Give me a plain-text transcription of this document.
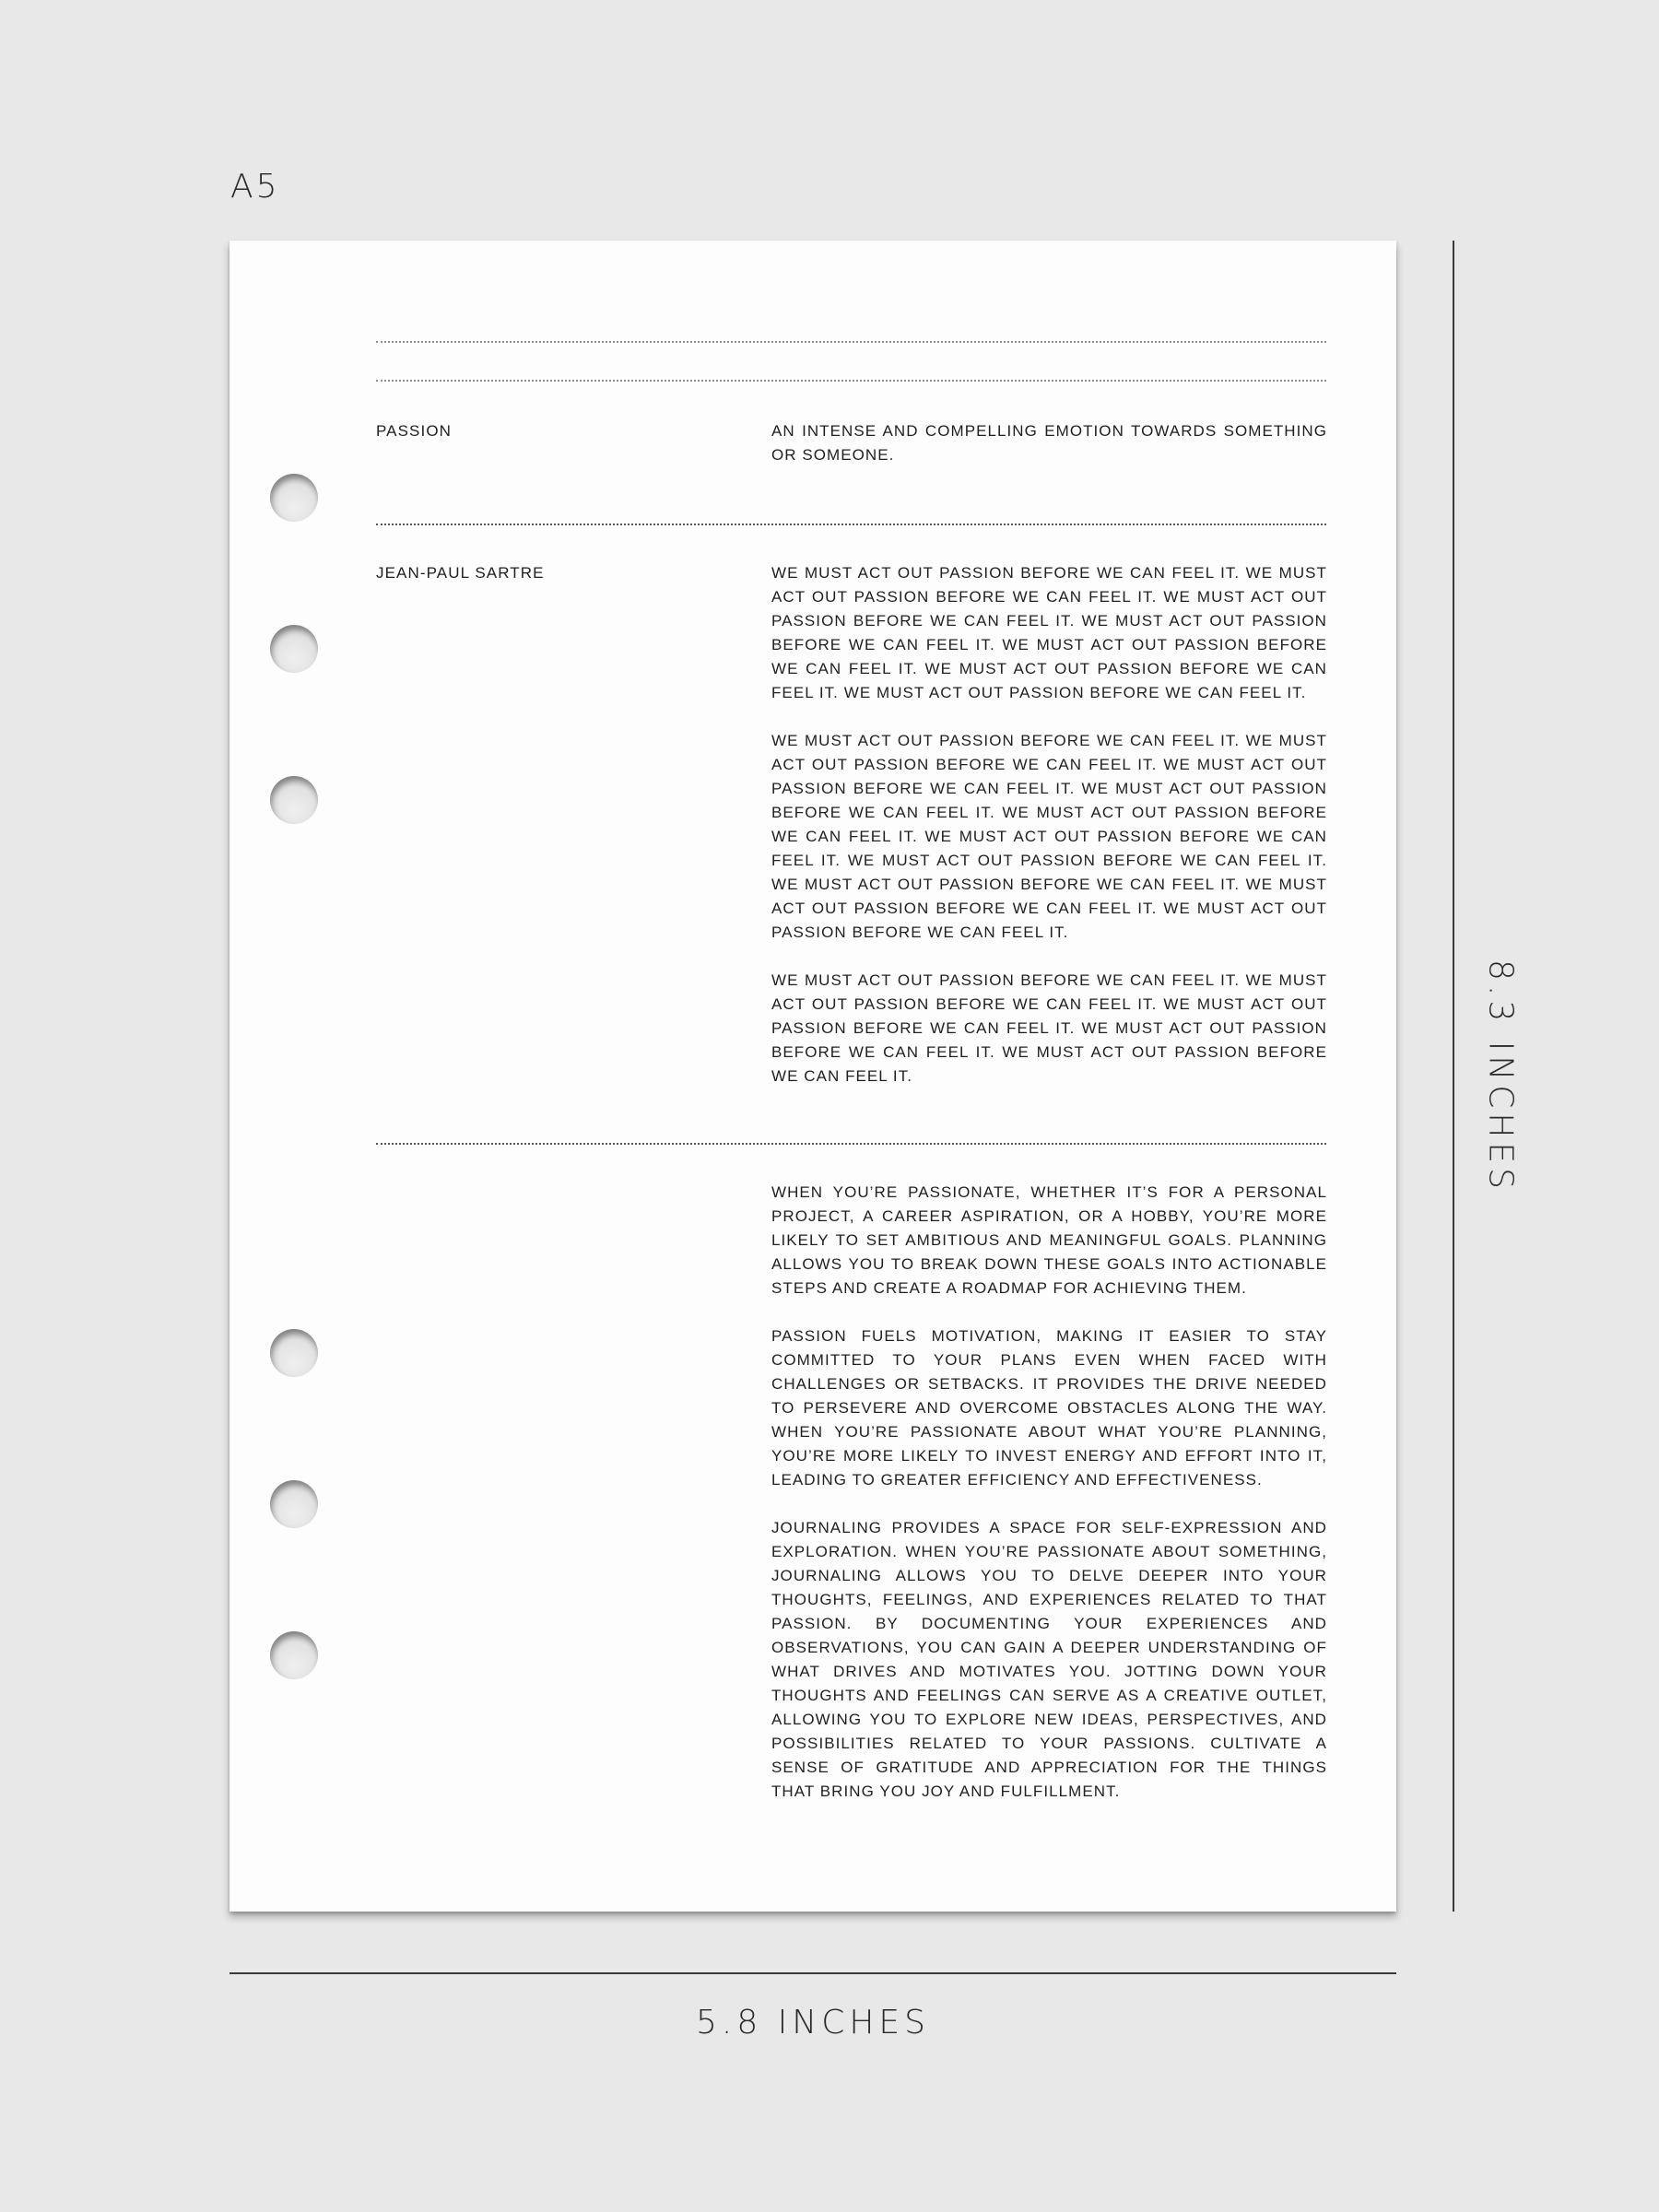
A5
PASSION	AN INTENSE AND COMPELLING EMOTION TOWARDS SOMETHING OR SOMEONE.

JEAN-PAUL SARTRE	WE MUST ACT OUT PASSION BEFORE WE CAN FEEL IT. WE MUST ACT OUT PASSION BEFORE WE CAN FEEL IT. WE MUST ACT OUT PASSION BEFORE WE CAN FEEL IT. WE MUST ACT OUT PASSION BEFORE WE CAN FEEL IT. WE MUST ACT OUT PASSION BEFORE WE CAN FEEL IT. WE MUST ACT OUT PASSION BEFORE WE CAN FEEL IT. WE MUST ACT OUT PASSION BEFORE WE CAN FEEL IT.

WE MUST ACT OUT PASSION BEFORE WE CAN FEEL IT. WE MUST ACT OUT PASSION BEFORE WE CAN FEEL IT. WE MUST ACT OUT PASSION BEFORE WE CAN FEEL IT. WE MUST ACT OUT PASSION BEFORE WE CAN FEEL IT. WE MUST ACT OUT PASSION BEFORE WE CAN FEEL IT. WE MUST ACT OUT PASSION BEFORE WE CAN FEEL IT. WE MUST ACT OUT PASSION BEFORE WE CAN FEEL IT. WE MUST ACT OUT PASSION BEFORE WE CAN FEEL IT. WE MUST ACT OUT PASSION BEFORE WE CAN FEEL IT. WE MUST ACT OUT PASSION BEFORE WE CAN FEEL IT.

WE MUST ACT OUT PASSION BEFORE WE CAN FEEL IT. WE MUST ACT OUT PASSION BEFORE WE CAN FEEL IT. WE MUST ACT OUT PASSION BEFORE WE CAN FEEL IT. WE MUST ACT OUT PASSION BEFORE WE CAN FEEL IT. WE MUST ACT OUT PASSION BEFORE WE CAN FEEL IT.

WHEN YOU’RE PASSIONATE, WHETHER IT’S FOR A PERSONAL PROJECT, A CAREER ASPIRATION, OR A HOBBY, YOU’RE MORE LIKELY TO SET AMBITIOUS AND MEANINGFUL GOALS. PLANNING ALLOWS YOU TO BREAK DOWN THESE GOALS INTO ACTIONABLE STEPS AND CREATE A ROADMAP FOR ACHIEVING THEM.

PASSION FUELS MOTIVATION, MAKING IT EASIER TO STAY COMMITTED TO YOUR PLANS EVEN WHEN FACED WITH CHALLENGES OR SETBACKS. IT PROVIDES THE DRIVE NEEDED TO PERSEVERE AND OVERCOME OBSTACLES ALONG THE WAY. WHEN YOU’RE PASSIONATE ABOUT WHAT YOU’RE PLANNING, YOU’RE MORE LIKELY TO INVEST ENERGY AND EFFORT INTO IT, LEADING TO GREATER EFFICIENCY AND EFFECTIVENESS.

JOURNALING PROVIDES A SPACE FOR SELF-EXPRESSION AND EXPLORATION. WHEN YOU’RE PASSIONATE ABOUT SOMETHING, JOURNALING ALLOWS YOU TO DELVE DEEPER INTO YOUR THOUGHTS, FEELINGS, AND EXPERIENCES RELATED TO THAT PASSION. BY DOCUMENTING YOUR EXPERIENCES AND OBSERVATIONS, YOU CAN GAIN A DEEPER UNDERSTANDING OF WHAT DRIVES AND MOTIVATES YOU. JOTTING DOWN YOUR THOUGHTS AND FEELINGS CAN SERVE AS A CREATIVE OUTLET, ALLOWING YOU TO EXPLORE NEW IDEAS, PERSPECTIVES, AND POSSIBILITIES RELATED TO YOUR PASSIONS. CULTIVATE A SENSE OF GRATITUDE AND APPRECIATION FOR THE THINGS THAT BRING YOU JOY AND FULFILLMENT.

8.3 INCHES
5.8 INCHES
